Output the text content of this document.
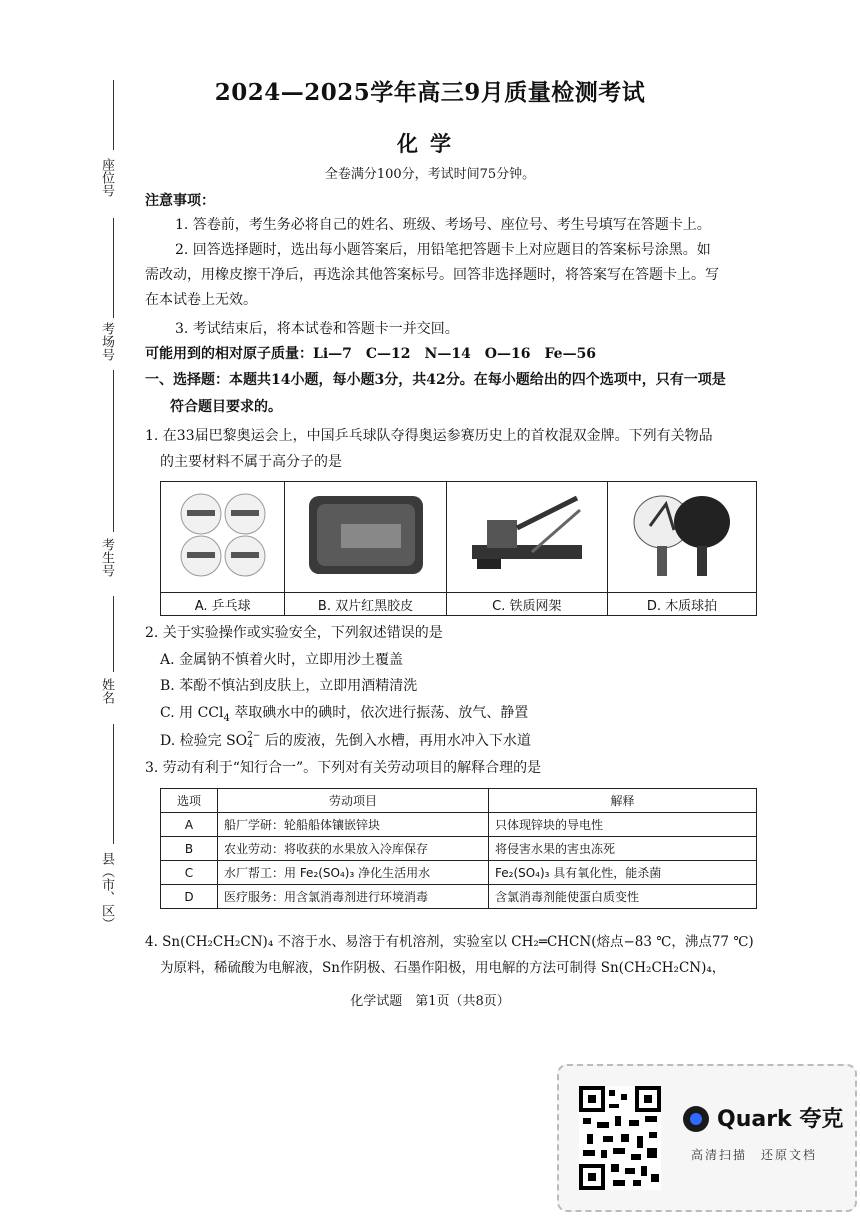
座位号
考场号
考生号
姓名
县（市、区）
2024—2025学年高三9月质量检测考试
化学
全卷满分100分，考试时间75分钟。
注意事项：
1. 答卷前，考生务必将自己的姓名、班级、考场号、座位号、考生号填写在答题卡上。
2. 回答选择题时，选出每小题答案后，用铅笔把答题卡上对应题目的答案标号涂黑。如
需改动，用橡皮擦干净后，再选涂其他答案标号。回答非选择题时，将答案写在答题卡上。写
在本试卷上无效。
3. 考试结束后，将本试卷和答题卡一并交回。
可能用到的相对原子质量：Li—7　C—12　N—14　O—16　Fe—56
一、选择题：本题共14小题，每小题3分，共42分。在每小题给出的四个选项中，只有一项是
符合题目要求的。
1. 在33届巴黎奥运会上，中国乒乓球队夺得奥运参赛历史上的首枚混双金牌。下列有关物品
的主要材料不属于高分子的是

A. 乒乓球	B. 双片红黑胶皮	C. 铁质网架	D. 木质球拍
2. 关于实验操作或实验安全，下列叙述错误的是
A. 金属钠不慎着火时，立即用沙土覆盖
B. 苯酚不慎沾到皮肤上，立即用酒精清洗
C. 用 CCl$_4$ 萃取碘水中的碘时，依次进行振荡、放气、静置
D. 检验完 SO 2−
4 后的废液，先倒入水槽，再用水冲入下水道
3. 劳动有利于“知行合一”。下列对有关劳动项目的解释合理的是
选项	劳动项目	解释
A	船厂学研：轮船船体镶嵌锌块	只体现锌块的导电性
B	农业劳动：将收获的水果放入冷库保存	将侵害水果的害虫冻死
C	水厂帮工：用 Fe₂(SO₄)₃ 净化生活用水	Fe₂(SO₄)₃ 具有氧化性，能杀菌
D	医疗服务：用含氯消毒剂进行环境消毒	含氯消毒剂能使蛋白质变性
4. Sn(CH₂CH₂CN)₄ 不溶于水、易溶于有机溶剂，实验室以 CH₂═CHCN(熔点−83 ℃，沸点77 ℃)
为原料，稀硫酸为电解液，Sn作阴极、石墨作阳极，用电解的方法可制得 Sn(CH₂CH₂CN)₄，
化学试题　第1页（共8页）
Quark 夸克
高清扫描　还原文档
